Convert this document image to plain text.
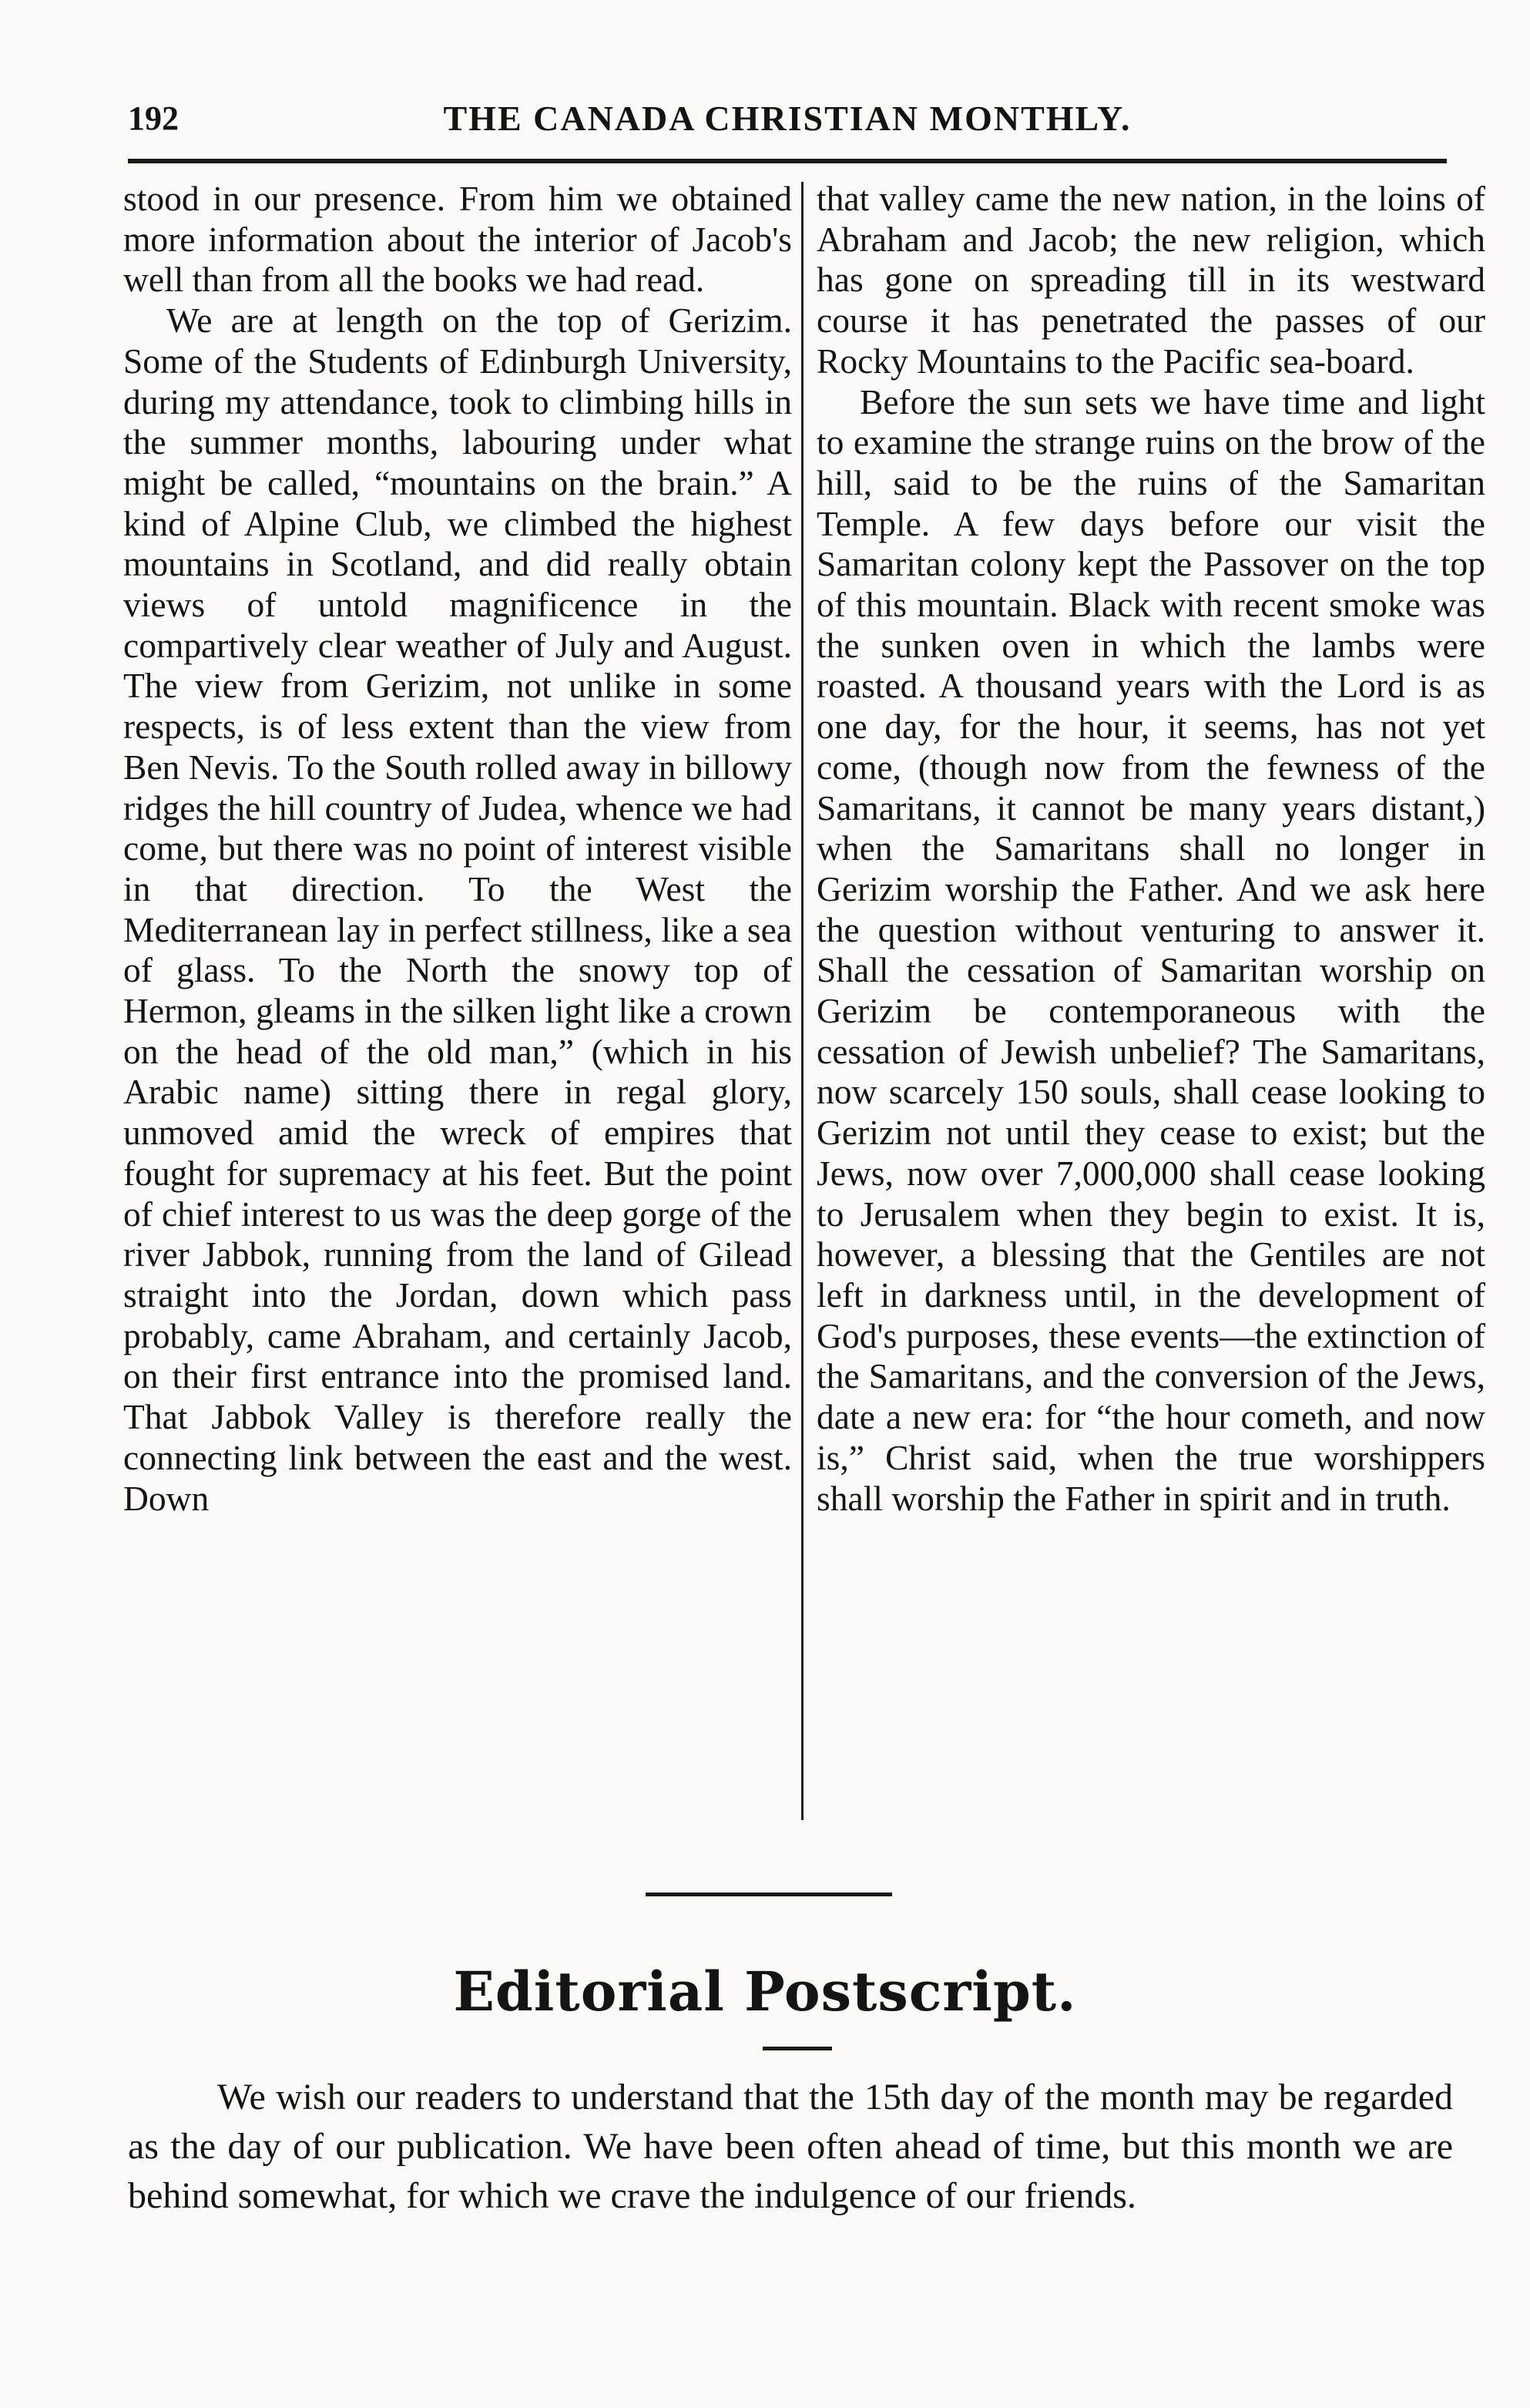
192	THE CANADA CHRISTIAN MONTHLY.

stood in our presence. From him we obtained more information about the interior of Jacob's well than from all the books we had read.

We are at length on the top of Gerizim. Some of the Students of Edinburgh University, during my attendance, took to climbing hills in the summer months, labouring under what might be called, “mountains on the brain.” A kind of Alpine Club, we climbed the highest mountains in Scotland, and did really obtain views of untold magnificence in the compartively clear weather of July and August. The view from Gerizim, not unlike in some respects, is of less extent than the view from Ben Nevis. To the South rolled away in billowy ridges the hill country of Judea, whence we had come, but there was no point of interest visible in that direction. To the West the Mediterranean lay in perfect stillness, like a sea of glass. To the North the snowy top of Hermon, gleams in the silken light like a crown on the head of the old man,” (which in his Arabic name) sitting there in regal glory, unmoved amid the wreck of empires that fought for supremacy at his feet. But the point of chief interest to us was the deep gorge of the river Jabbok, running from the land of Gilead straight into the Jordan, down which pass probably, came Abraham, and certainly Jacob, on their first entrance into the promised land. That Jabbok Valley is therefore really the connecting link between the east and the west. Down

that valley came the new nation, in the loins of Abraham and Jacob; the new religion, which has gone on spreading till in its westward course it has penetrated the passes of our Rocky Mountains to the Pacific sea-board.

Before the sun sets we have time and light to examine the strange ruins on the brow of the hill, said to be the ruins of the Samaritan Temple. A few days before our visit the Samaritan colony kept the Passover on the top of this mountain. Black with recent smoke was the sunken oven in which the lambs were roasted. A thousand years with the Lord is as one day, for the hour, it seems, has not yet come, (though now from the fewness of the Samaritans, it cannot be many years distant,) when the Samaritans shall no longer in Gerizim worship the Father. And we ask here the question without venturing to answer it. Shall the cessation of Samaritan worship on Gerizim be contemporaneous with the cessation of Jewish unbelief? The Samaritans, now scarcely 150 souls, shall cease looking to Gerizim not until they cease to exist; but the Jews, now over 7,000,000 shall cease looking to Jerusalem when they begin to exist. It is, however, a blessing that the Gentiles are not left in darkness until, in the development of God's purposes, these events—the extinction of the Samaritans, and the conversion of the Jews, date a new era: for “the hour cometh, and now is,” Christ said, when the true worshippers shall worship the Father in spirit and in truth.

Editorial Postscript.

We wish our readers to understand that the 15th day of the month may be regarded as the day of our publication. We have been often ahead of time, but this month we are behind somewhat, for which we crave the indulgence of our friends.
